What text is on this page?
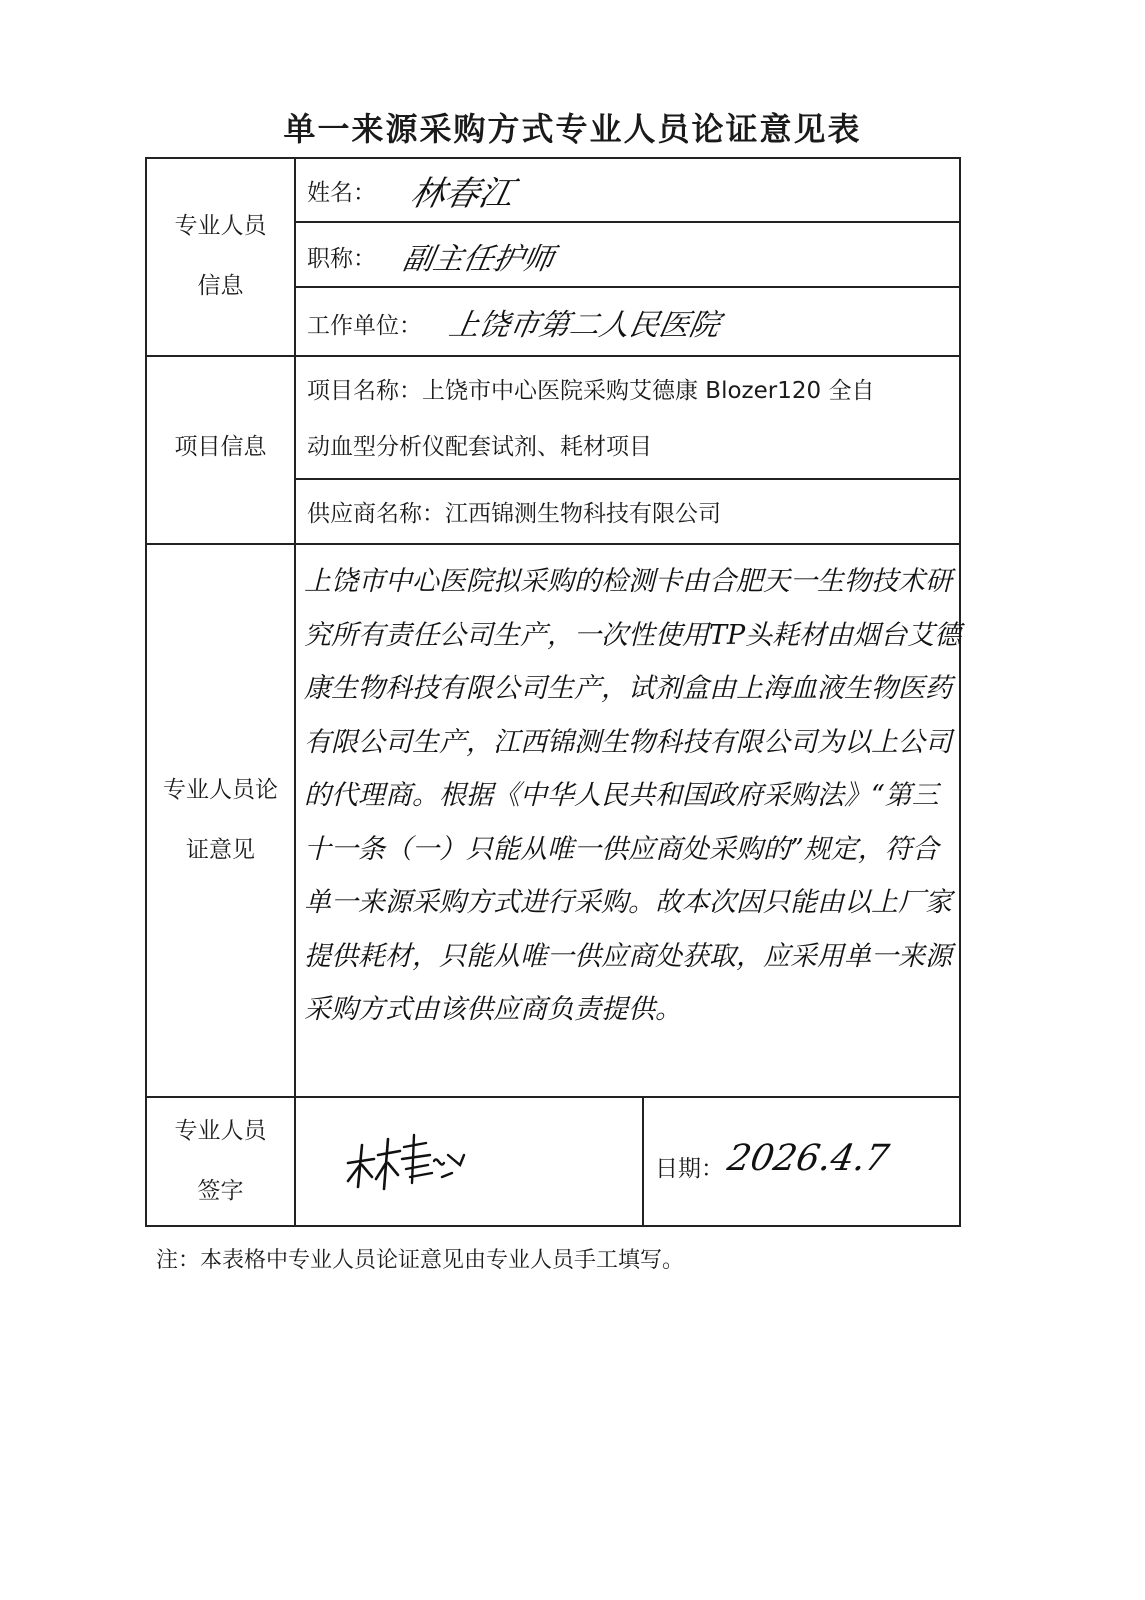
单一来源采购方式专业人员论证意见表
专业人员
信息
姓名： 林春江
职称： 副主任护师
工作单位： 上饶市第二人民医院
项目信息
项目名称：上饶市中心医院采购艾德康 Blozer120 全自
动血型分析仪配套试剂、耗材项目
供应商名称：江西锦测生物科技有限公司
专业人员论
证意见
上饶市中心医院拟采购的检测卡由合肥天一生物技术研究所有责任公司生产，一次性使用TP头耗材由烟台艾德康生物科技有限公司生产，试剂盒由上海血液生物医药有限公司生产，江西锦测生物科技有限公司为以上公司的代理商。根据《中华人民共和国政府采购法》“第三十一条（一）只能从唯一供应商处采购的”规定，符合单一来源采购方式进行采购。故本次因只能由以上厂家提供耗材，只能从唯一供应商处获取，应采用单一来源采购方式由该供应商负责提供。
专业人员
签字
日期： 2026.4.7
注：本表格中专业人员论证意见由专业人员手工填写。
